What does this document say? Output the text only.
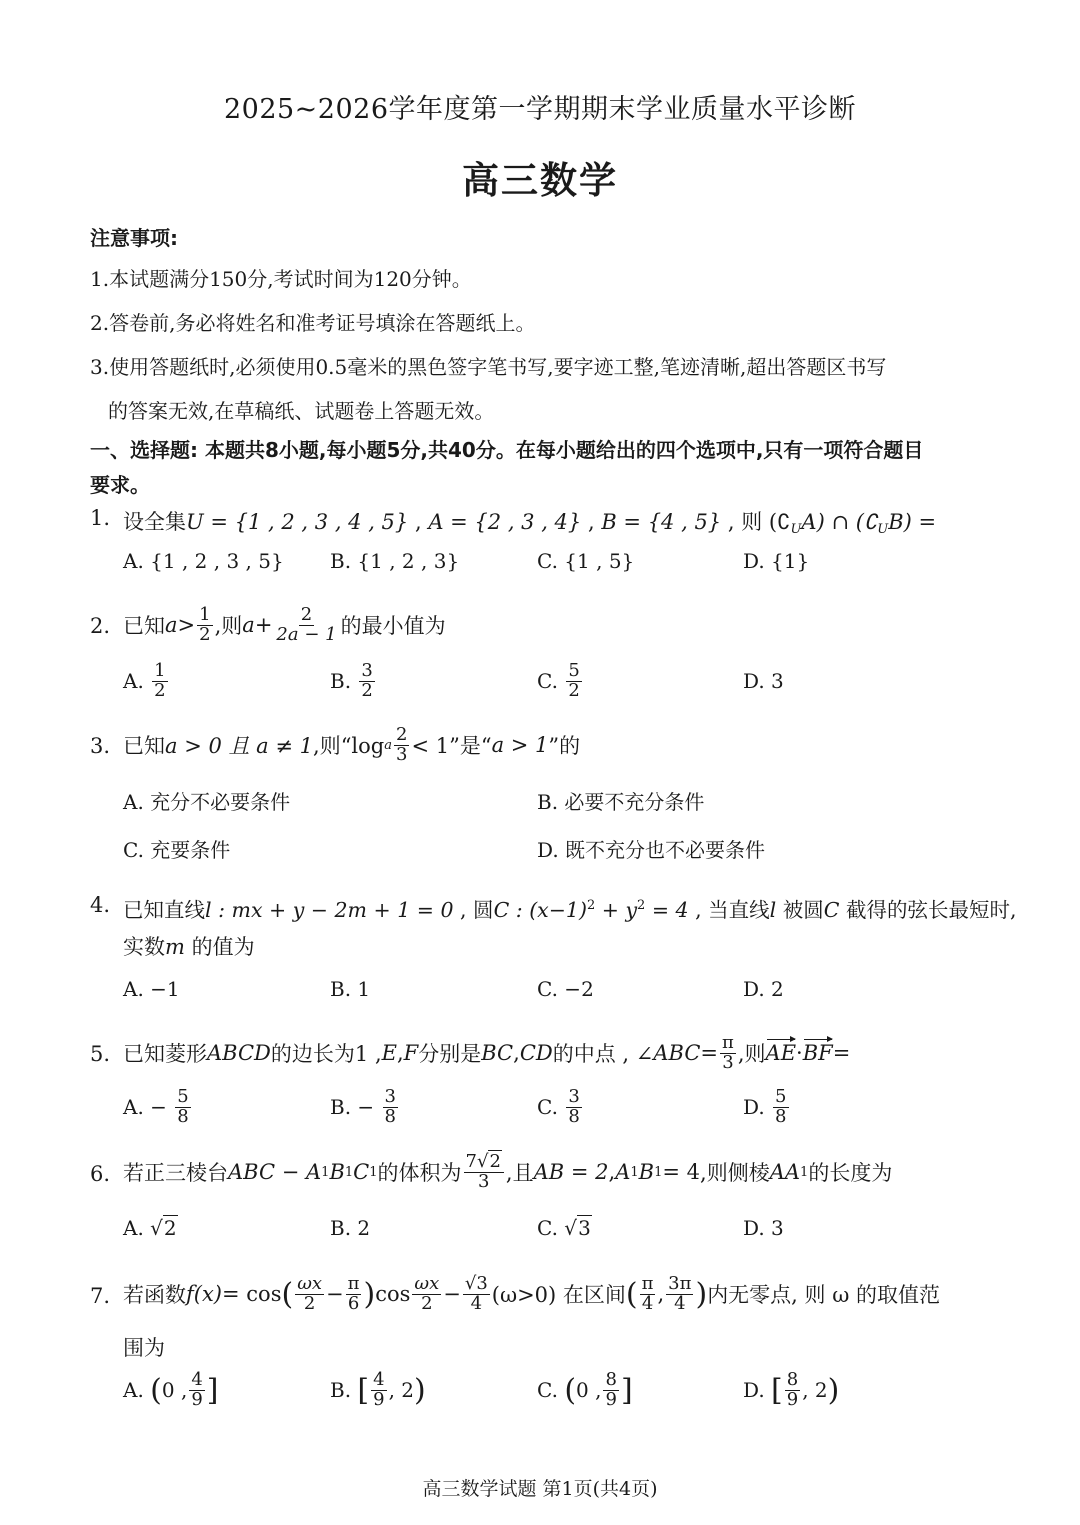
2025~2026学年度第一学期期末学业质量水平诊断
高三数学
注意事项:
1.本试题满分150分,考试时间为120分钟。
2.答卷前,务必将姓名和准考证号填涂在答题纸上。
3.使用答题纸时,必须使用0.5毫米的黑色签字笔书写,要字迹工整,笔迹清晰,超出答题区书写
的答案无效,在草稿纸、试题卷上答题无效。
一、选择题: 本题共8小题,每小题5分,共40分。在每小题给出的四个选项中,只有一项符合题目
要求。
1. 设全集U = {1 , 2 , 3 , 4 , 5} , A = {2 , 3 , 4} , B = {4 , 5} , 则 $(∁_UA)$ ∩ $(∁_UB)$ =
A. {1 , 2 , 3 , 5} B. {1 , 2 , 3}	C. {1 , 5}	D. {1}
2. 已知 $a > \frac{1}{2}$ ,则 $a + \frac{2}{2a - 1}$ 的最小值为
A.
$\frac{1}{2}$	B.
$\frac{3}{2}$	C.
$\frac{5}{2}$	D. 3
3. 已知 a > 0 且 a ≠ 1 ,则“log a $\frac{2}{3} < 1$”是“ a > 1 ”的
A. 充分不必要条件	B. 必要不充分条件
C. 充要条件	D. 既不充分也不必要条件
4. 已知直线l : mx + y − 2m + 1 = 0 , 圆C : $(x-1)^2 + y^2 = 4$ , 当直线l 被圆C 截得的弦长最短时,
实数m 的值为
A. −1	B. 1	C. −2	D. 2
5. 已知菱形 ABCD 的边长为1 , E , F 分别是 BC , CD 的中点 , ∠ ABC = $\frac{\pi}{3}$ ,则 AE · BF =
A. −
$\frac{5}{8}$	B. −
$\frac{3}{8}$	C.
$\frac{3}{8}$	D.
$\frac{5}{8}$
6. 若正三棱台 ABC − A 1 B 1 C 1 的体积为 $\frac{7√2}{3}$ ,且 AB = 2 , A 1 B 1 = 4 ,则侧棱 AA 1 的长度为
A. √2	B. 2	C. √3	D. 3
7. 若函数 f(x) = cos ( $\frac{\omega x}{2} - \frac{\pi}{6}$ ) $\cos \frac{\omega x}{2} - \frac{√3}{4} (\omega>0)$ 在区间 ( $\frac{\pi}{4}$ , $\frac{3\pi}{4}$ ) 内无零点, 则 ω 的取值范
围为
A.
( 0 , $\frac{4}{9}$ ]	B.
[ $\frac{4}{9}$ , 2 )	C.
( 0 , $\frac{8}{9}$ ]	D.
[ $\frac{8}{9}$ , 2 )
高三数学试题 第1页(共4页)
